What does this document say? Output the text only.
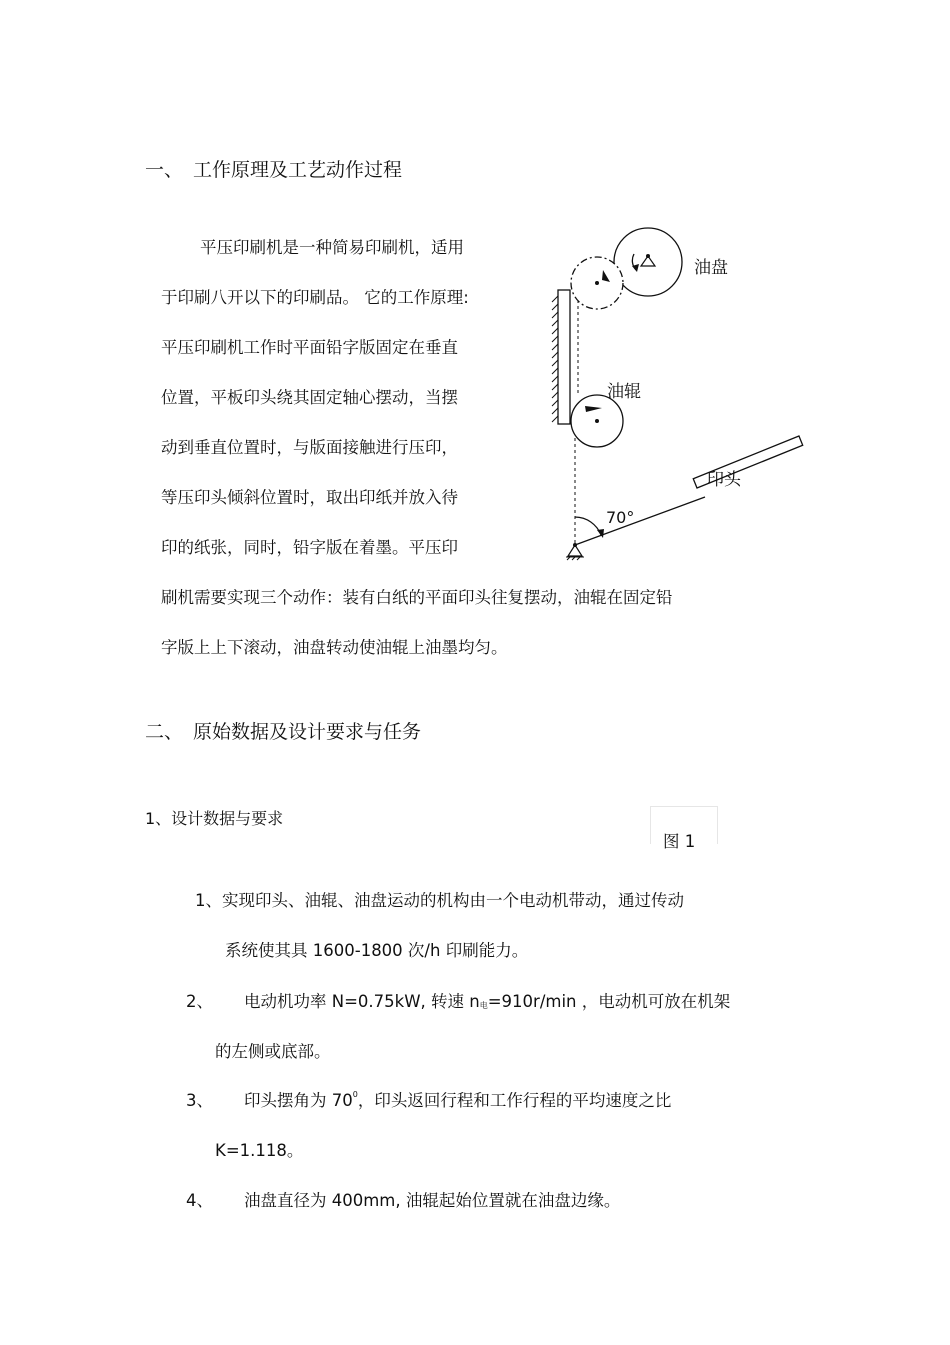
一、 工作原理及工艺动作过程
平压印刷机是一种简易印刷机，适用
于印刷八开以下的印刷品。 它的工作原理:
平压印刷机工作时平面铅字版固定在垂直
位置，平板印头绕其固定轴心摆动，当摆
动到垂直位置时，与版面接触进行压印，
等压印头倾斜位置时，取出印纸并放入待
印的纸张，同时，铅字版在着墨。平压印
刷机需要实现三个动作：装有白纸的平面印头往复摆动，油辊在固定铅
字版上上下滚动，油盘转动使油辊上油墨均匀。
油盘
油辊
印头
70°
二、 原始数据及设计要求与任务
1、设计数据与要求
图 1
1、实现印头、油辊、油盘运动的机构由一个电动机带动，通过传动
系统使其具 1600-1800 次/h 印刷能力。
2、 电动机功率 N=0.75kW, 转速 $n_电=910r/\min$ ，电动机可放在机架
的左侧或底部。
3、 印头摆角为 $70^0$，印头返回行程和工作行程的平均速度之比
K=1.118。
4、 油盘直径为 400mm, 油辊起始位置就在油盘边缘。
